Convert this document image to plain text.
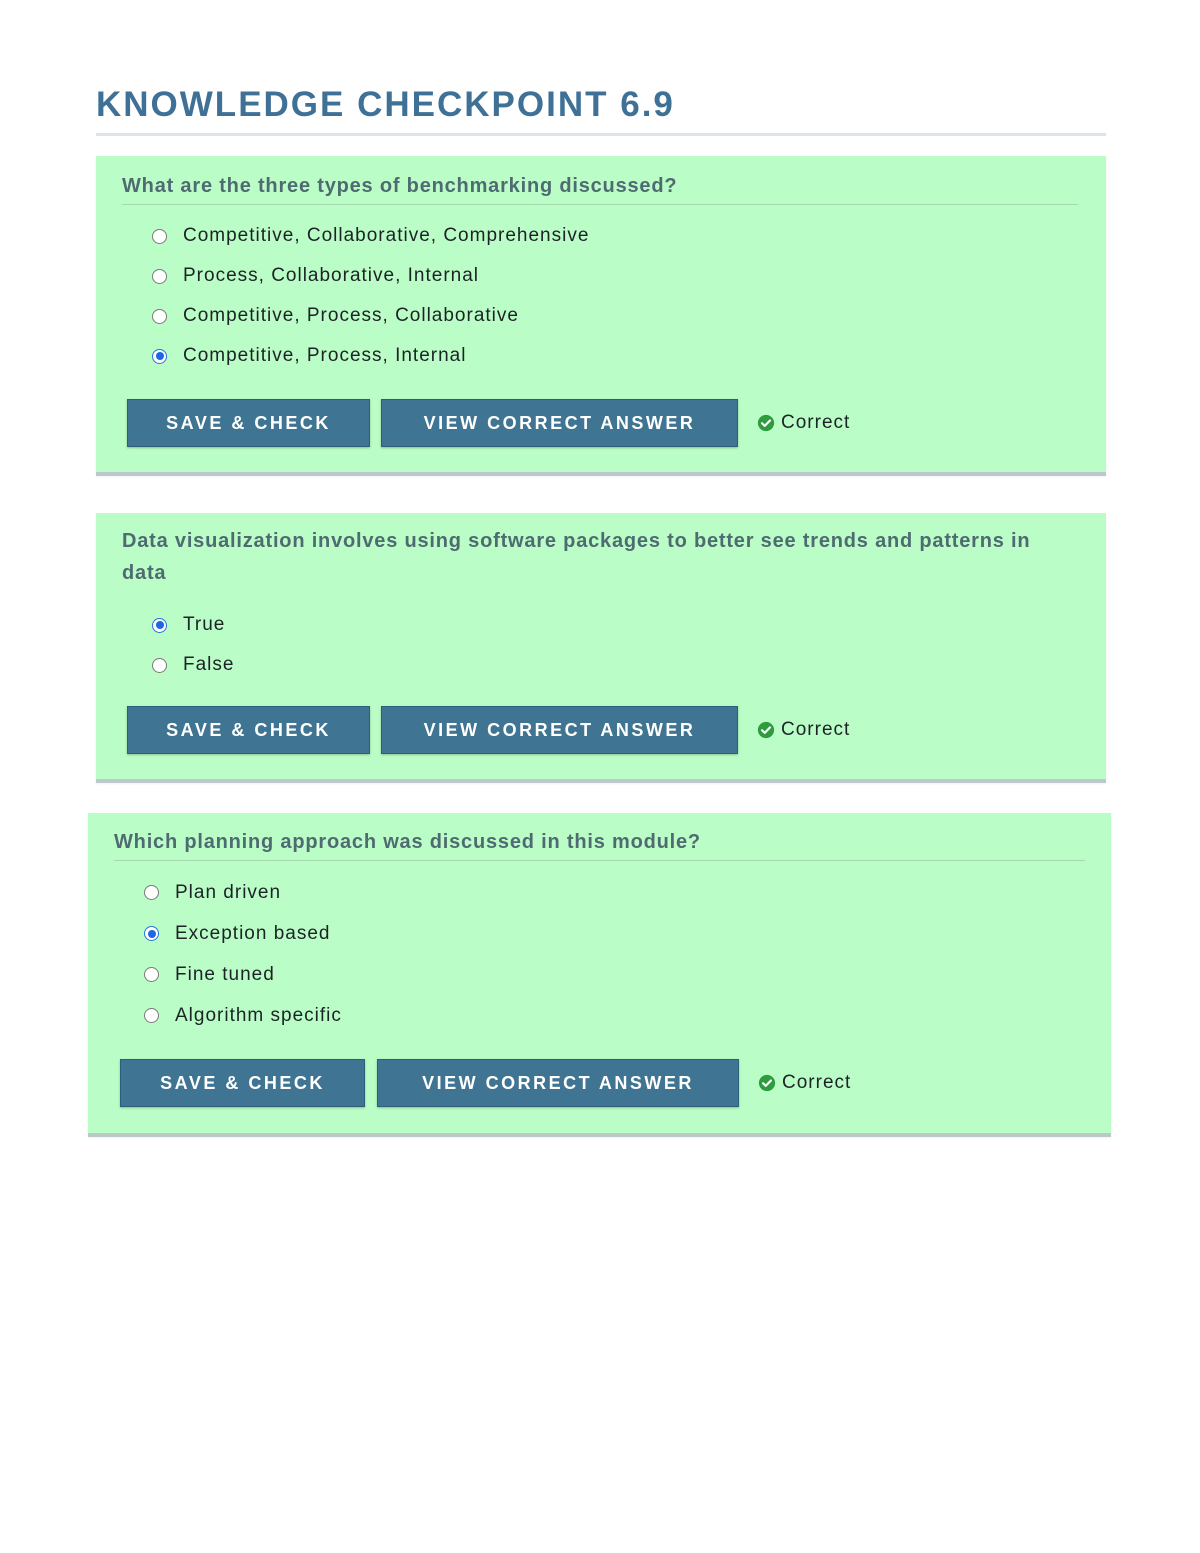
KNOWLEDGE CHECKPOINT 6.9

What are the three types of benchmarking discussed?

Competitive, Collaborative, Comprehensive
Process, Collaborative, Internal
Competitive, Process, Collaborative
Competitive, Process, Internal
SAVE & CHECK	VIEW CORRECT ANSWER	Correct

Data visualization involves using software packages to better see trends and patterns in data

True
False
SAVE & CHECK	VIEW CORRECT ANSWER	Correct

Which planning approach was discussed in this module?

Plan driven
Exception based
Fine tuned
Algorithm specific
SAVE & CHECK	VIEW CORRECT ANSWER	Correct
